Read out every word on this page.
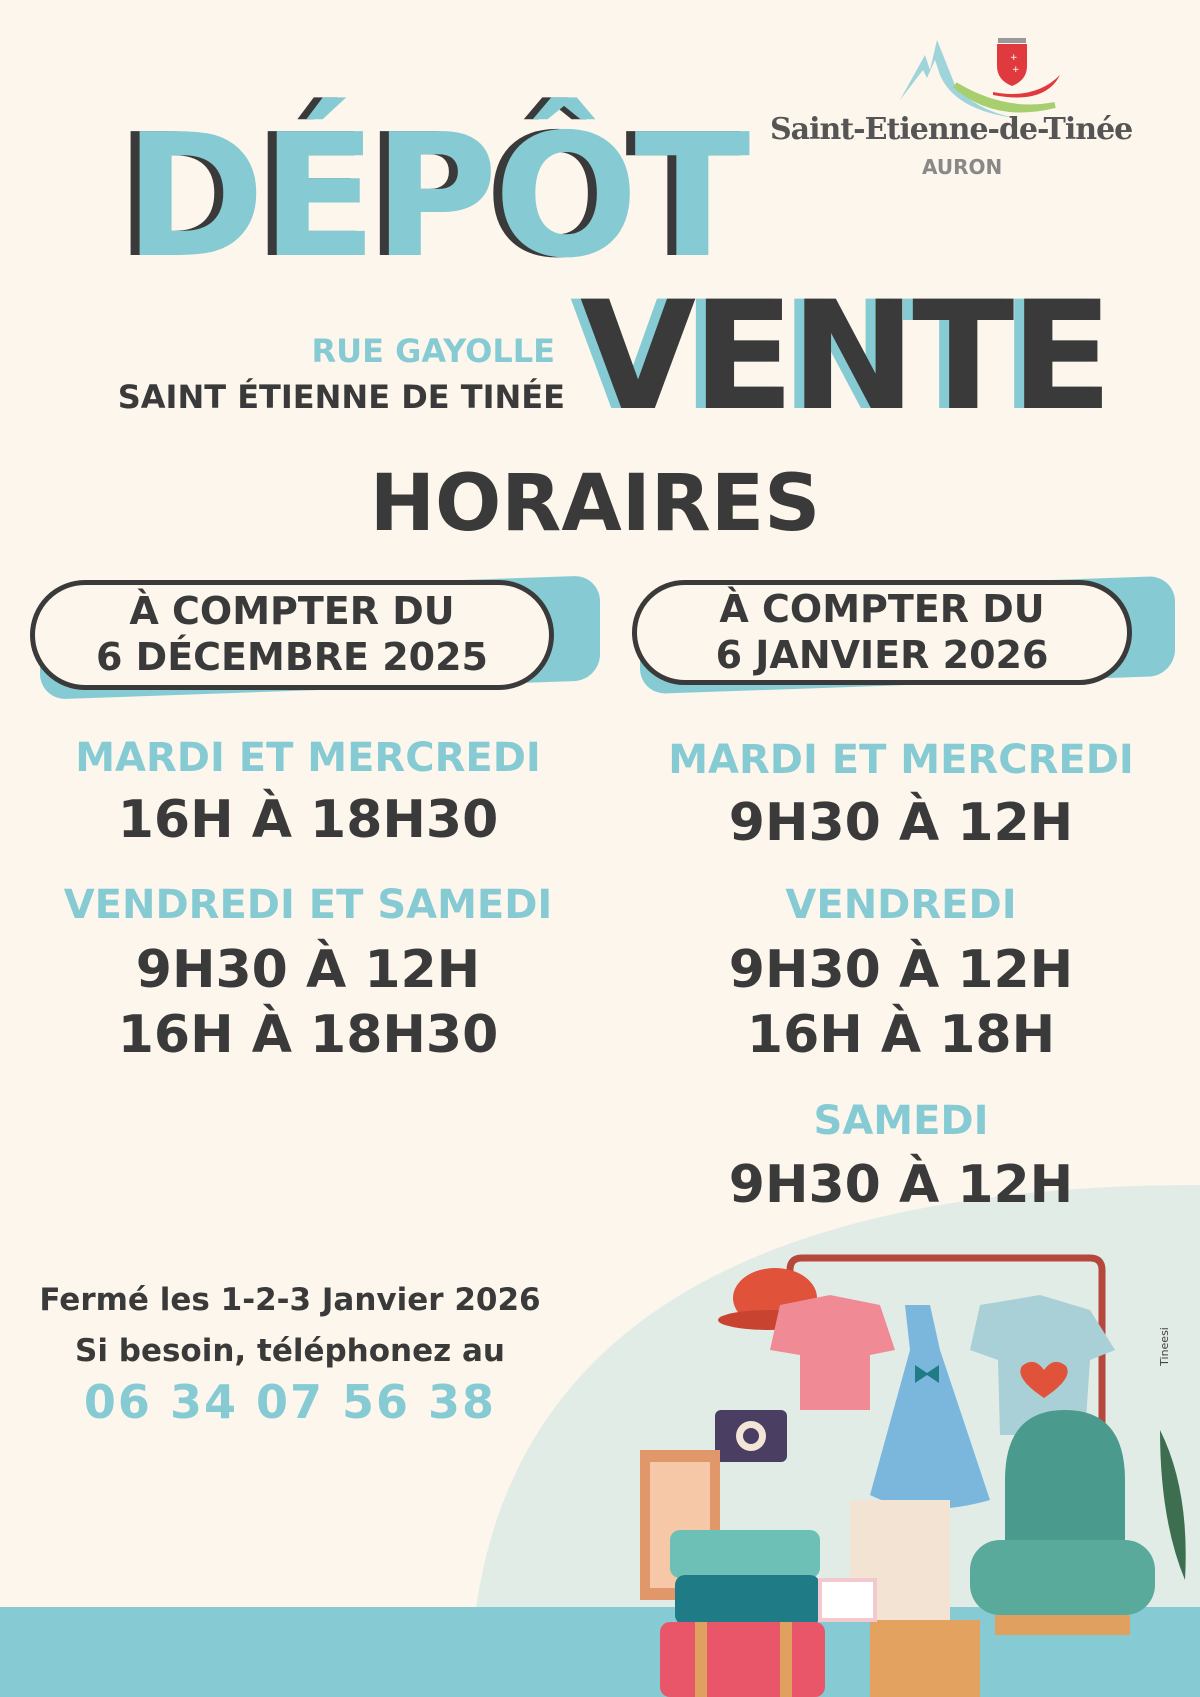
+
+
Saint-Etienne-de-Tinée
AURON
DÉPÔT
VENTE
RUE GAYOLLE
SAINT ÉTIENNE DE TINÉE
HORAIRES
À COMPTER DU
6 DÉCEMBRE 2025
MARDI ET MERCREDI
16H À 18H30
VENDREDI ET SAMEDI
9H30 À 12H
16H À 18H30
À COMPTER DU
6 JANVIER 2026
MARDI ET MERCREDI
9H30 À 12H
VENDREDI
9H30 À 12H
16H À 18H
SAMEDI
9H30 À 12H
Fermé les 1-2-3 Janvier 2026
Si besoin, téléphonez au
06 34 07 56 38
Tineesi
